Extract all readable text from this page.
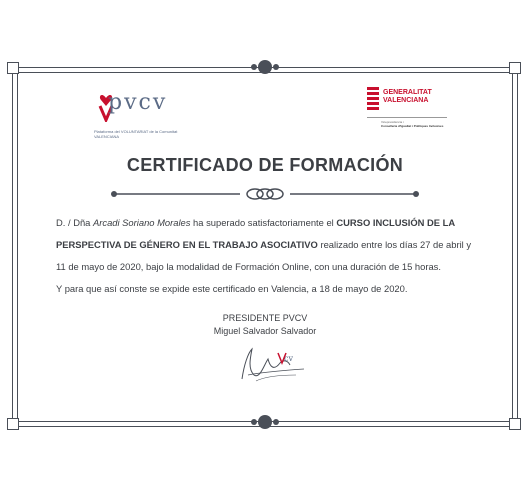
pvcv
Plataforma del VOLUNTARIAT de la Comunitat VALENCIANA
GENERALITAT VALENCIANA
Vicepresidència i
Conselleria d'Igualtat i Polítiques Inclusives
CERTIFICADO DE FORMACIÓN

D. / Dña Arcadi Soriano Morales ha superado satisfactoriamente el CURSO INCLUSIÓN DE LA PERSPECTIVA DE GÉNERO EN EL TRABAJO ASOCIATIVO realizado entre los días 27 de abril y 11 de mayo de 2020, bajo la modalidad de Formación Online, con una duración de 15 horas.

Y para que así conste se expide este certificado en Valencia, a 18 de mayo de 2020.

PRESIDENTE PVCV
Miguel Salvador Salvador
cv
